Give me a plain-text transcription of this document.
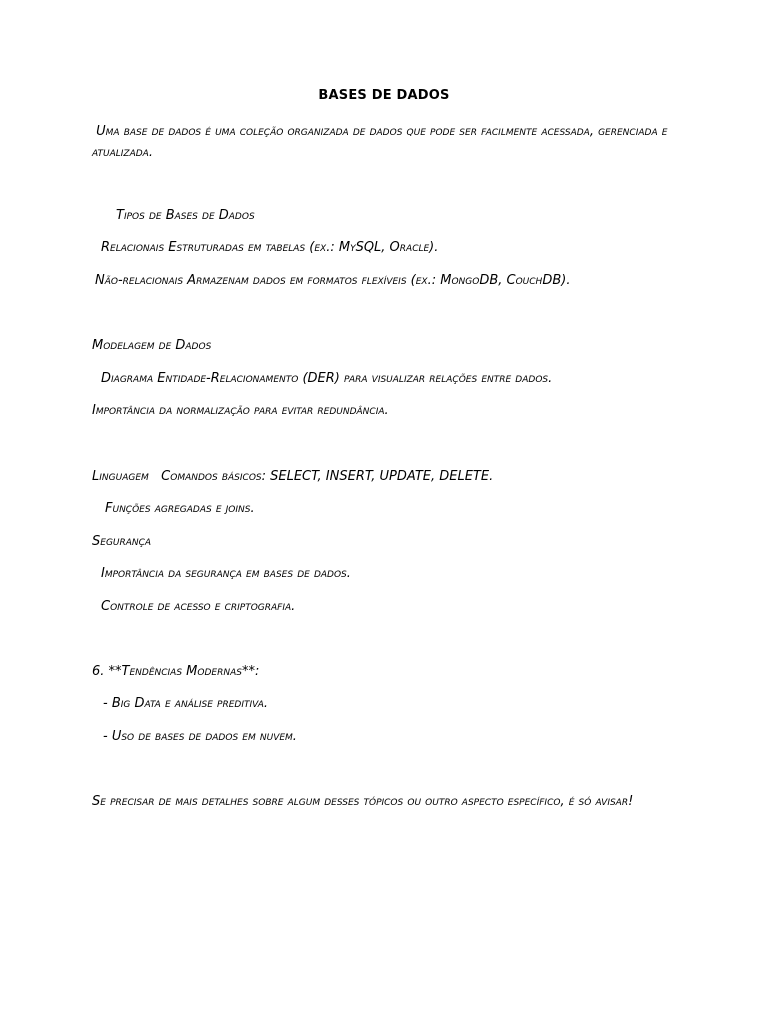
BASES DE DADOS
Uma base de dados é uma coleção organizada de dados que pode ser facilmente acessada, gerenciada e atualizada.
Tipos de Bases de Dados
Relacionais Estruturadas em tabelas (ex.: MySQL, Oracle).
Não-relacionais Armazenam dados em formatos flexíveis (ex.: MongoDB, CouchDB).
Modelagem de Dados
Diagrama Entidade-Relacionamento (DER) para visualizar relações entre dados.
Importância da normalização para evitar redundância.
Linguagem   Comandos básicos: SELECT, INSERT, UPDATE, DELETE.
Funções agregadas e joins.
Segurança
Importância da segurança em bases de dados.
Controle de acesso e criptografia.
6. **Tendências Modernas**:
- Big Data e análise preditiva.
- Uso de bases de dados em nuvem.
Se precisar de mais detalhes sobre algum desses tópicos ou outro aspecto específico, é só avisar!
